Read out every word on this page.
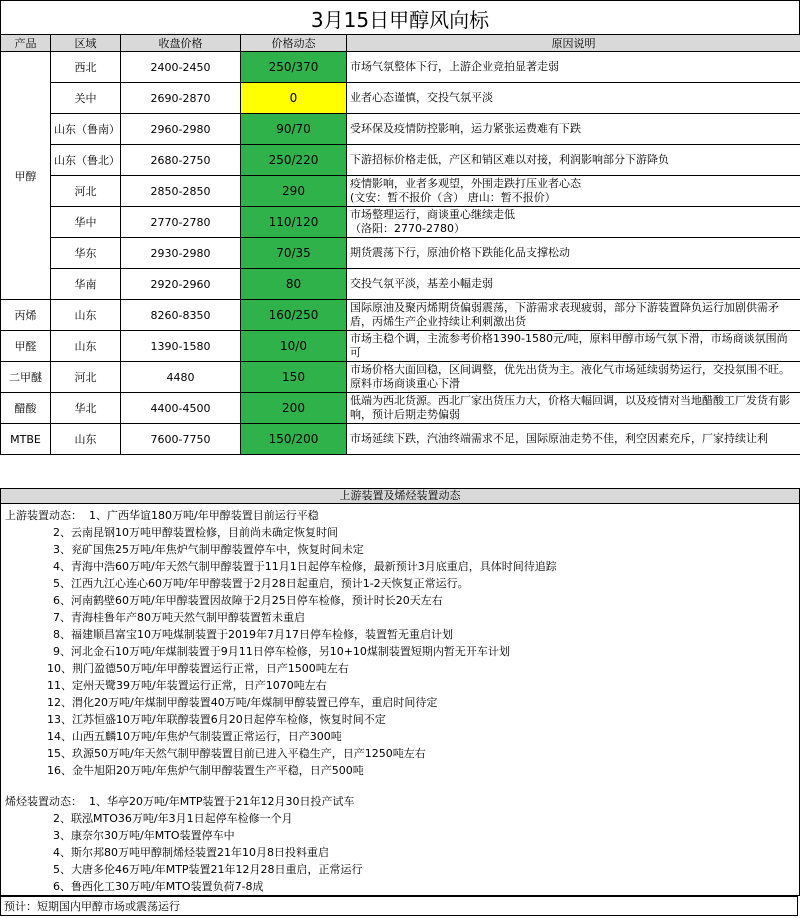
3月15日甲醇风向标
产品	区域	收盘价格	价格动态	原因说明
甲醇	西北	2400-2450	250/370	市场气氛整体下行，上游企业竞拍显著走弱
	关中	2690-2870	0	业者心态谨慎，交投气氛平淡
	山东（鲁南）	2960-2980	90/70	受环保及疫情防控影响，运力紧张运费难有下跌
	山东（鲁北）	2680-2750	250/220	下游招标价格走低，产区和销区难以对接，利润影响部分下游降负
	河北	2850-2850	290	疫情影响，业者多观望，外围走跌打压业者心态
(文安：暂不报价（含） 唐山：暂不报价）
	华中	2770-2780	110/120	市场整理运行，商谈重心继续走低
（洛阳：2770-2780）
	华东	2930-2980	70/35	期货震荡下行，原油价格下跌能化品支撑松动
	华南	2920-2960	80	交投气氛平淡，基差小幅走弱
丙烯	山东	8260-8350	160/250	国际原油及聚丙烯期货偏弱震荡，下游需求表现疲弱，部分下游装置降负运行加剧供需矛盾，丙烯生产企业持续让利刺激出货
甲醛	山东	1390-1580	10/0	市场主稳个调，主流参考价格1390-1580元/吨，原料甲醇市场气氛下滑，市场商谈氛围尚可
二甲醚	河北	4480	150	市场价格大面回稳，区间调整，优先出货为主。液化气市场延续弱势运行，交投氛围不旺。原料市场商谈重心下滑
醋酸	华北	4400-4500	200	低端为西北货源。西北厂家出货压力大，价格大幅回调，以及疫情对当地醋酸工厂发货有影响，预计后期走势偏弱
MTBE	山东	7600-7750	150/200	市场延续下跌，汽油终端需求不足，国际原油走势不佳，利空因素充斥，厂家持续让利
上游装置及烯烃装置动态
上游装置动态： 1、广西华谊180万吨/年甲醇装置目前运行平稳
2、云南昆钢10万吨甲醇装置检修，目前尚未确定恢复时间
3、兖矿国焦25万吨/年焦炉气制甲醇装置停车中，恢复时间未定
4、青海中浩60万吨/年天然气制甲醇装置于11月1日起停车检修，最新预计3月底重启，具体时间待追踪
5、江西九江心连心60万吨/年甲醇装置于2月28日起重启，预计1-2天恢复正常运行。
6、河南鹤壁60万吨/年甲醇装置因故障于2月25日停车检修，预计时长20天左右
7、青海桂鲁年产80万吨天然气制甲醇装置暂未重启
8、福建顺昌富宝10万吨煤制装置于2019年7月17日停车检修，装置暂无重启计划
9、河北金石10万吨/年煤制装置于9月11日停车检修，另10+10煤制装置短期内暂无开车计划
10、荆门盈德50万吨/年甲醇装置运行正常，日产1500吨左右
11、定州天鹭39万吨/年装置运行正常，日产1070吨左右
12、渭化20万吨/年煤制甲醇装置40万吨/年煤制甲醇装置已停车，重启时间待定
13、江苏恒盛10万吨/年联醇装置6月20日起停车检修，恢复时间不定
14、山西五麟10万吨/年焦炉气制装置正常运行，日产300吨
15、玖源50万吨/年天然气制甲醇装置目前已进入平稳生产，日产1250吨左右
16、金牛旭阳20万吨/年焦炉气制甲醇装置生产平稳，日产500吨
烯烃装置动态： 1、华亭20万吨/年MTP装置于21年12月30日投产试车
2、联泓MTO36万吨/年3月1日起停车检修一个月
3、康奈尔30万吨/年MTO装置停车中
4、斯尔邦80万吨甲醇制烯烃装置21年10月8日投料重启
5、大唐多伦46万吨/年MTP装置21年12月28日重启，正常运行
6、鲁西化工30万吨/年MTO装置负荷7-8成
预计：短期国内甲醇市场或震荡运行
